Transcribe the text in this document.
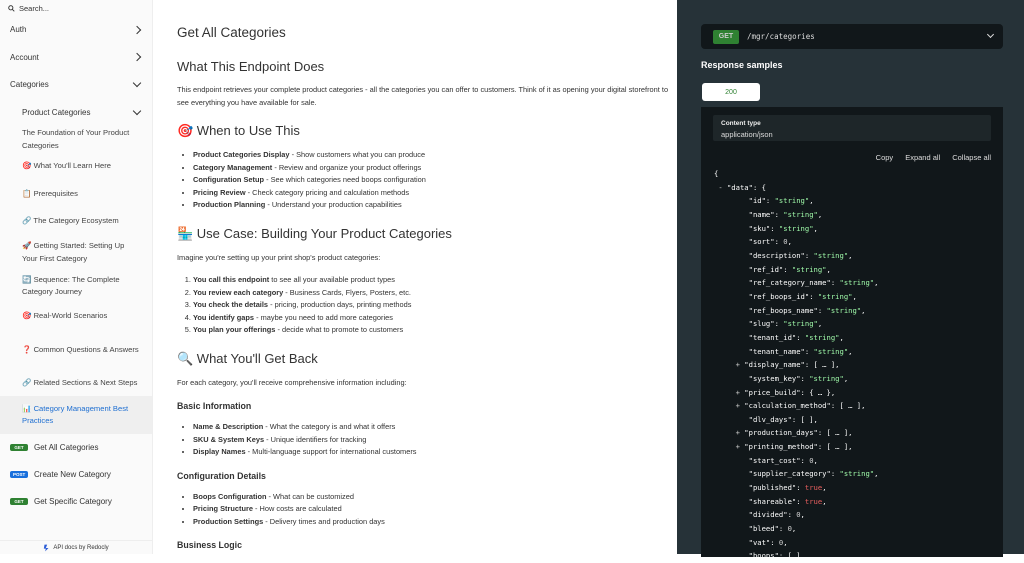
Search...
Auth
Account
Categories
Product Categories
The Foundation of Your Product Categories
🎯 What You'll Learn Here
📋 Prerequisites
🔗 The Category Ecosystem
🚀 Getting Started: Setting Up Your First Category
🔄 Sequence: The Complete Category Journey
🎯 Real-World Scenarios
❓ Common Questions & Answers
🔗 Related Sections & Next Steps
📊 Category Management Best Practices
GET	Get All Categories
POST	Create New Category
GET	Get Specific Category
API docs by Redocly
Get All Categories
What This Endpoint Does

This endpoint retrieves your complete product categories - all the categories you can offer to customers. Think of it as opening your digital storefront to see everything you have available for sale.

🎯 When to Use This
• Product Categories Display - Show customers what you can produce
• Category Management - Review and organize your product offerings
• Configuration Setup - See which categories need boops configuration
• Pricing Review - Check category pricing and calculation methods
• Production Planning - Understand your production capabilities
🏪 Use Case: Building Your Product Categories

Imagine you're setting up your print shop's product categories:

1. You call this endpoint to see all your available product types
2. You review each category - Business Cards, Flyers, Posters, etc.
3. You check the details - pricing, production days, printing methods
4. You identify gaps - maybe you need to add more categories
5. You plan your offerings - decide what to promote to customers
🔍 What You'll Get Back

For each category, you'll receive comprehensive information including:

Basic Information
• Name & Description - What the category is and what it offers
• SKU & System Keys - Unique identifiers for tracking
• Display Names - Multi-language support for international customers
Configuration Details
• Boops Configuration - What can be customized
• Pricing Structure - How costs are calculated
• Production Settings - Delivery times and production days
Business Logic
GET	/mgr/categories
Response samples
200
Content type
application/json
Copy Expand all Collapse all
{
- "data": {
"id": "string",
"name": "string",
"sku": "string",
"sort": 0,
"description": "string",
"ref_id": "string",
"ref_category_name": "string",
"ref_boops_id": "string",
"ref_boops_name": "string",
"slug": "string",
"tenant_id": "string",
"tenant_name": "string",
+ "display_name": [ … ],
"system_key": "string",
+ "price_build": { … },
+ "calculation_method": [ … ],
"dlv_days": [ ],
+ "production_days": [ … ],
+ "printing_method": [ … ],
"start_cost": 0,
"supplier_category": "string",
"published": true,
"shareable": true,
"divided": 0,
"bleed": 0,
"vat": 0,
"boops": [ ],
